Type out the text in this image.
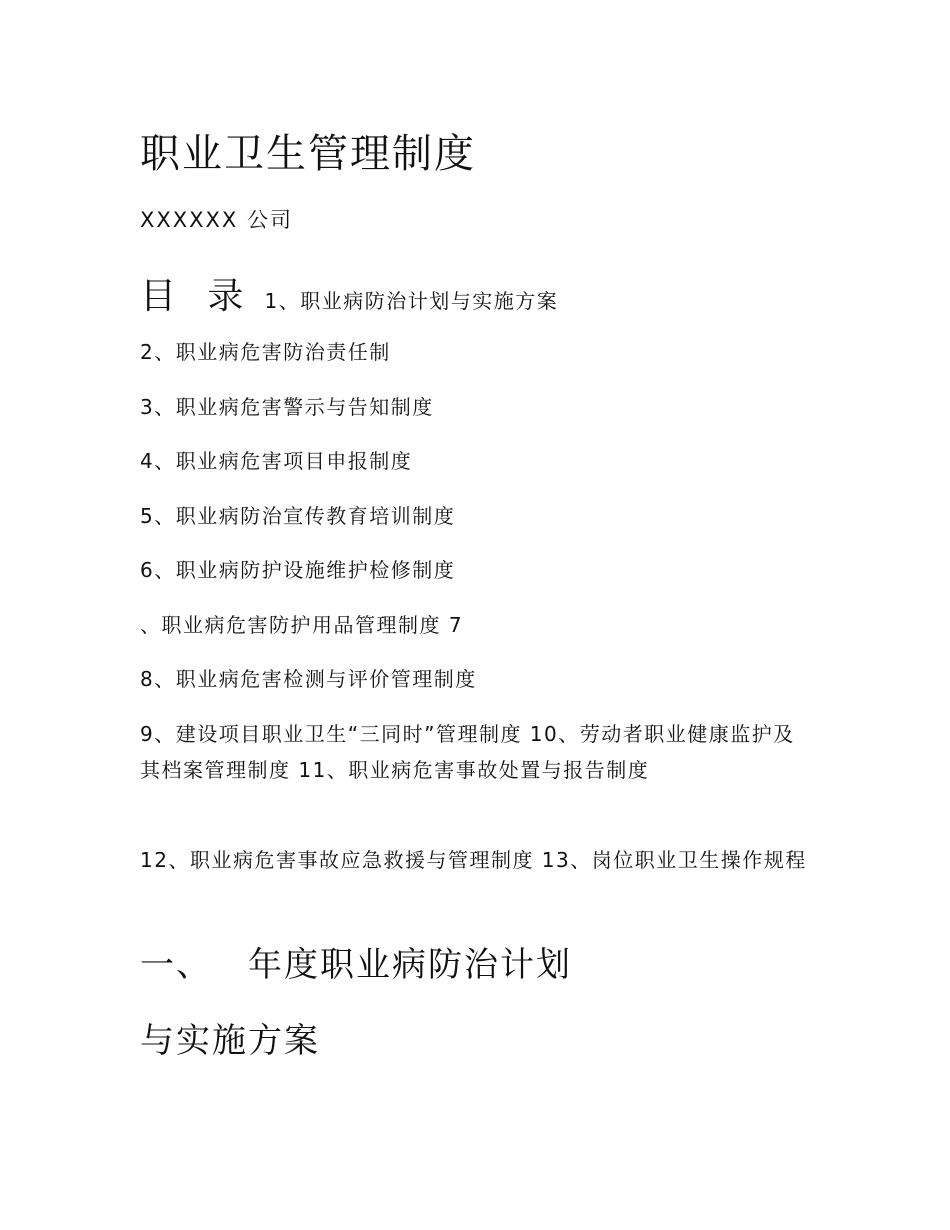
职业卫生管理制度
XXXXXX 公司
目 录 1、职业病防治计划与实施方案
2、职业病危害防治责任制
3、职业病危害警示与告知制度
4、职业病危害项目申报制度
5、职业病防治宣传教育培训制度
6、职业病防护设施维护检修制度
、职业病危害防护用品管理制度 7
8、职业病危害检测与评价管理制度
9、建设项目职业卫生“三同时”管理制度 10、劳动者职业健康监护及其档案管理制度 11、职业病危害事故处置与报告制度
12、职业病危害事故应急救援与管理制度 13、岗位职业卫生操作规程
一、 年度职业病防治计划
与实施方案
